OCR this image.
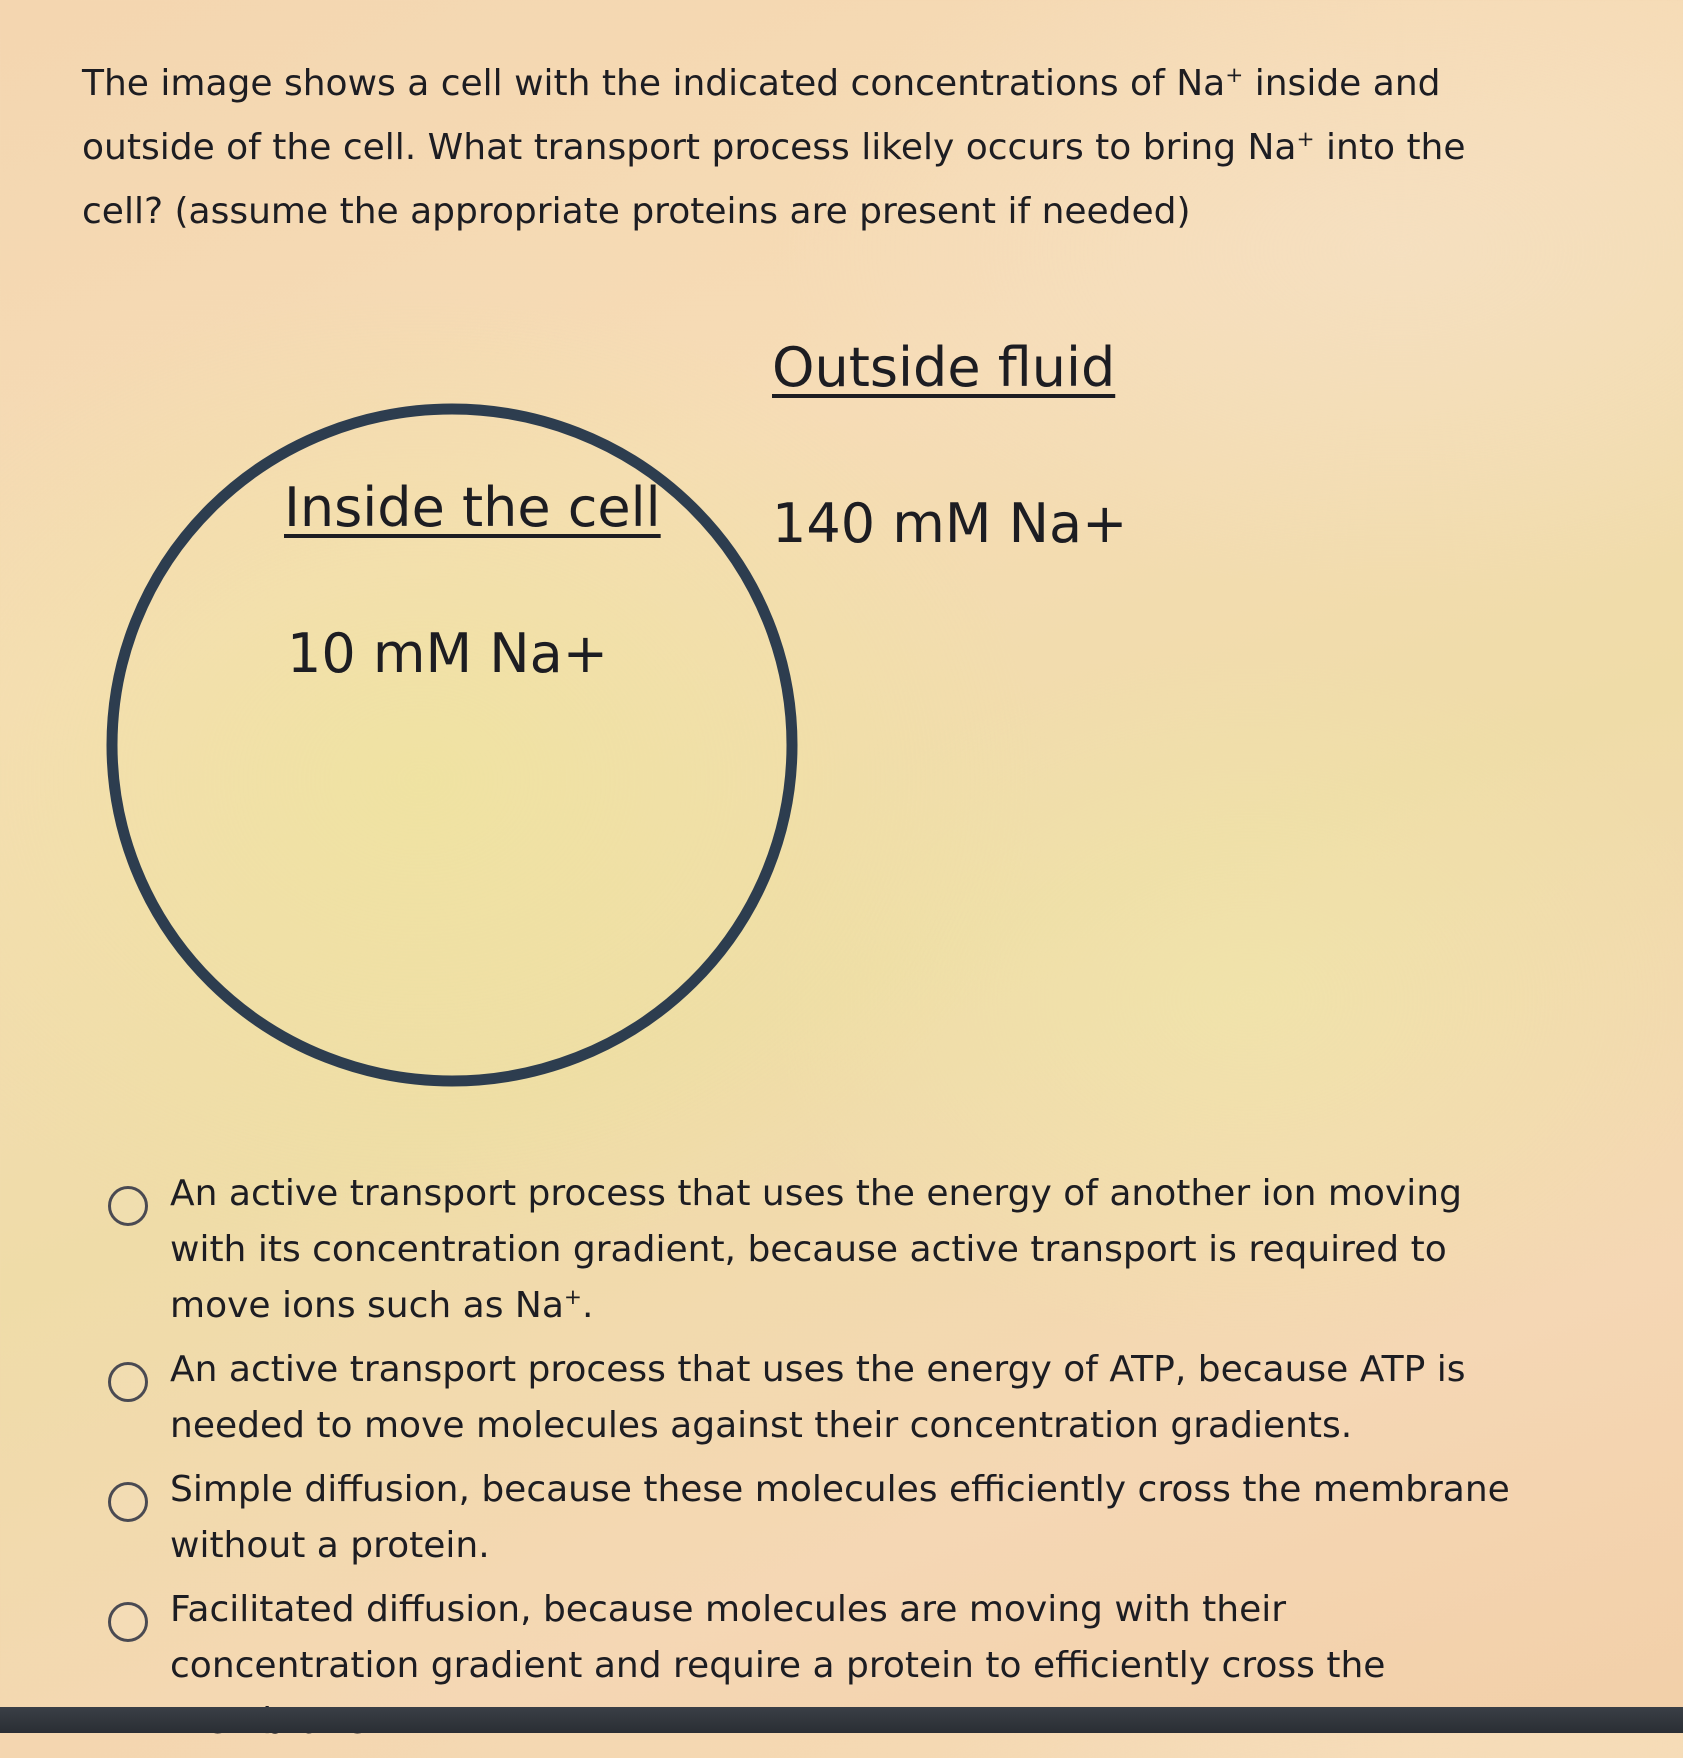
The image shows a cell with the indicated concentrations of Na+ inside and outside of the cell. What transport process likely occurs to bring Na+ into the cell? (assume the appropriate proteins are present if needed)

Outside fluid
140 mM Na+
Inside the cell
10 mM Na+
An active transport process that uses the energy of another ion moving with its concentration gradient, because active transport is required to move ions such as Na+.
An active transport process that uses the energy of ATP, because ATP is needed to move molecules against their concentration gradients.
Simple diffusion, because these molecules efficiently cross the membrane without a protein.
Facilitated diffusion, because molecules are moving with their concentration gradient and require a protein to efficiently cross the
